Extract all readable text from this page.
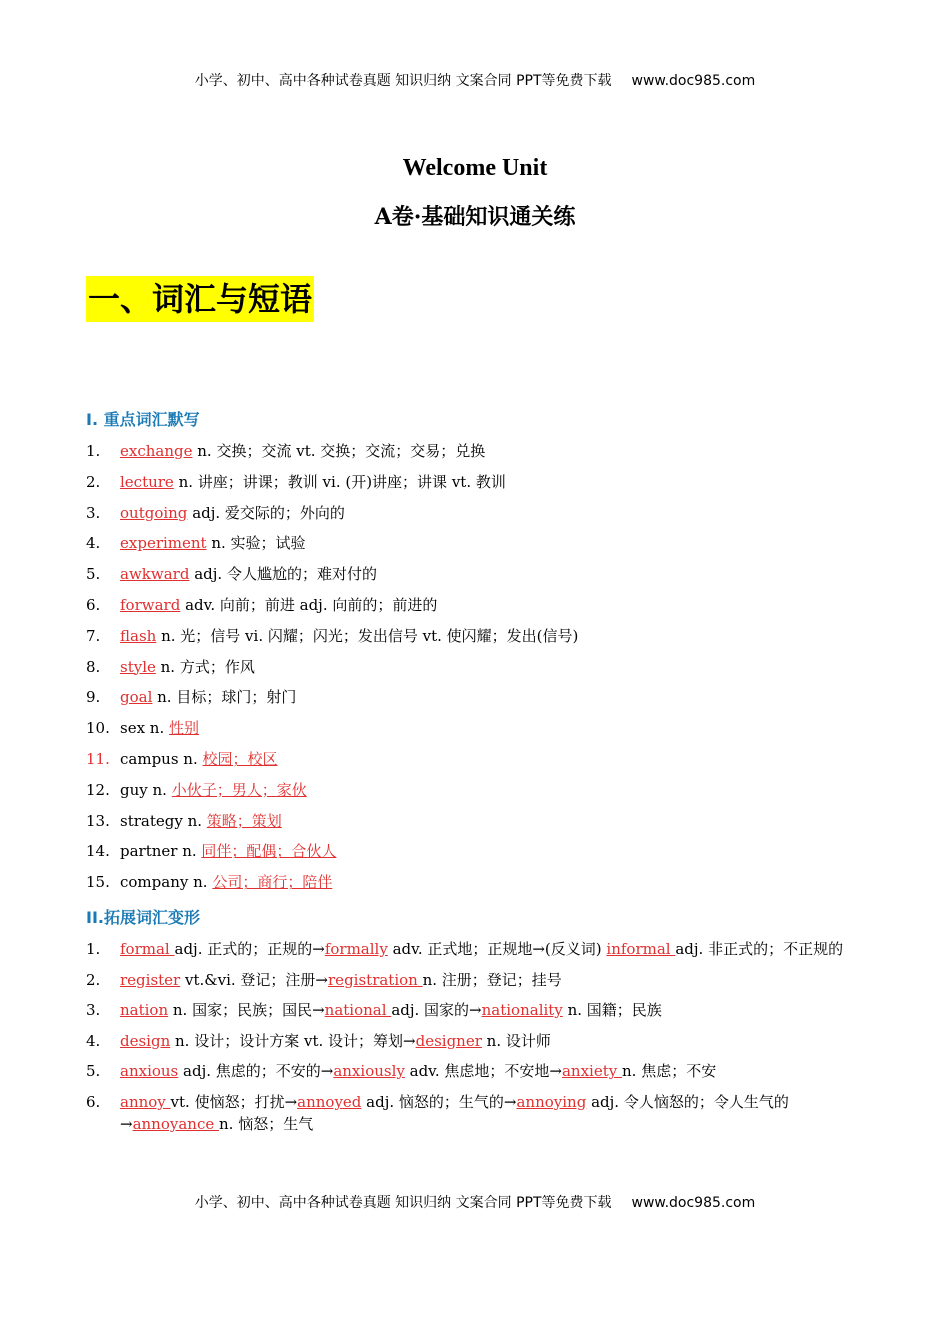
小学、初中、高中各种试卷真题 知识归纳 文案合同 PPT等免费下载 www.doc985.com
Welcome Unit
A卷·基础知识通关练
一、词汇与短语
I. 重点词汇默写
1. exchange n. 交换；交流 vt. 交换；交流；交易；兑换
2. lecture n. 讲座；讲课；教训 vi. (开)讲座；讲课 vt. 教训
3. outgoing adj. 爱交际的；外向的
4. experiment n. 实验；试验
5. awkward adj. 令人尴尬的；难对付的
6. forward adv. 向前；前进 adj. 向前的；前进的
7. flash n. 光；信号 vi. 闪耀；闪光；发出信号 vt. 使闪耀；发出(信号)
8. style n. 方式；作风
9. goal n. 目标；球门；射门
10. sex n. 性别
11. campus n. 校园；校区
12. guy n. 小伙子；男人；家伙
13. strategy n. 策略；策划
14. partner n. 同伴；配偶；合伙人
15. company n. 公司；商行；陪伴
II.拓展词汇变形
1. formal adj. 正式的；正规的→formally adv. 正式地；正规地→(反义词) informal adj. 非正式的；不正规的
2. register vt.&vi. 登记；注册→registration n. 注册；登记；挂号
3. nation n. 国家；民族；国民→national adj. 国家的→nationality n. 国籍；民族
4. design n. 设计；设计方案 vt. 设计；筹划→designer n. 设计师
5. anxious adj. 焦虑的；不安的→anxiously adv. 焦虑地；不安地→anxiety n. 焦虑；不安
6. annoy vt. 使恼怒；打扰→annoyed adj. 恼怒的；生气的→annoying adj. 令人恼怒的；令人生气的→annoyance n. 恼怒；生气
小学、初中、高中各种试卷真题 知识归纳 文案合同 PPT等免费下载 www.doc985.com
